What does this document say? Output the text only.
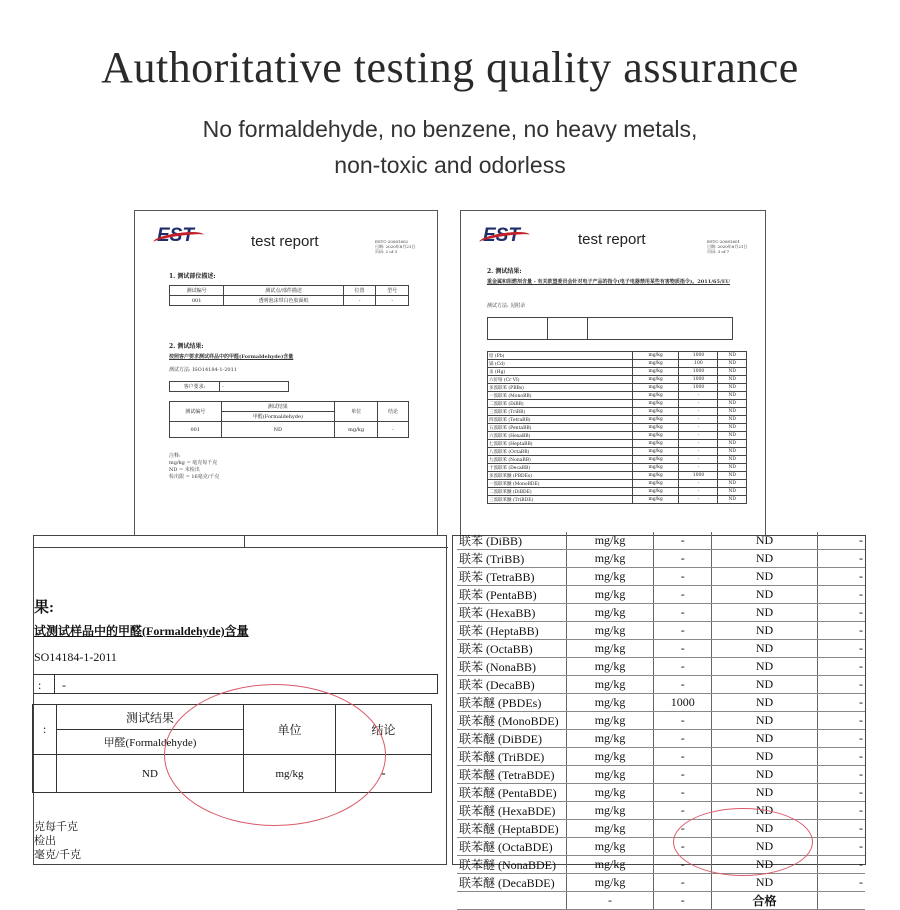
Authoritative testing quality assurance
No formaldehyde, no benzene, no heavy metals,
non-toxic and odorless
EST	test report	ESTC-20081602
日期: 2020年8月21日
页码: 2 of 3
1. 测试部位描述:
测试编号	测试点/部件描述	位置	型号
001	透明泡沫带白色胶面纸	-	-
2. 测试结果:
按照客户要求测试样品中的甲醛(Formaldehyde)含量
测试方法: ISO14184-1-2011
客户要求:	-
测试编号	测试结果	单位	结论
	甲醛(Formaldehyde)		
001	ND	mg/kg	-
注释:
mg/kg = 毫克每千克
ND = 未检出
检出限 = 16毫克/千克
EST	test report	ESTC-20081601
日期: 2020年8月21日
页码: 3 of 7
2. 测试结果:
重金属和阻燃剂含量 - 有关欧盟委员会针对电子产品的指令(电子电器禁用某些有害物质指令)。2011/65/EU
测试方法: 见附录

铅 (Pb)	mg/kg	1000	ND
镉 (Cd)	mg/kg	100	ND
汞 (Hg)	mg/kg	1000	ND
六价铬 (Cr VI)	mg/kg	1000	ND
多溴联苯 (PBBs)	mg/kg	1000	ND
一溴联苯 (MonoBB)	mg/kg	-	ND
二溴联苯 (DiBB)	mg/kg	-	ND
三溴联苯 (TriBB)	mg/kg	-	ND
四溴联苯 (TetraBB)	mg/kg	-	ND
五溴联苯 (PentaBB)	mg/kg	-	ND
六溴联苯 (HexaBB)	mg/kg	-	ND
七溴联苯 (HeptaBB)	mg/kg	-	ND
八溴联苯 (OctaBB)	mg/kg	-	ND
九溴联苯 (NonaBB)	mg/kg	-	ND
十溴联苯 (DecaBB)	mg/kg	-	ND
多溴联苯醚 (PBDEs)	mg/kg	1000	ND
一溴联苯醚 (MonoBDE)	mg/kg	-	ND
二溴联苯醚 (DiBDE)	mg/kg	-	ND
三溴联苯醚 (TriBDE)	mg/kg	-	ND
果:
试测试样品中的甲醛(Formaldehyde)含量
SO14184-1-2011
: -
:	测试结果	单位	结论
	甲醛(Formaldehyde)		
	ND	mg/kg	-
克每千克
检出
毫克/千克
联苯 (DiBB)	mg/kg	-	ND	-
联苯 (TriBB)	mg/kg	-	ND	-
联苯 (TetraBB)	mg/kg	-	ND	-
联苯 (PentaBB)	mg/kg	-	ND	-
联苯 (HexaBB)	mg/kg	-	ND	-
联苯 (HeptaBB)	mg/kg	-	ND	-
联苯 (OctaBB)	mg/kg	-	ND	-
联苯 (NonaBB)	mg/kg	-	ND	-
联苯 (DecaBB)	mg/kg	-	ND	-
联苯醚 (PBDEs)	mg/kg	1000	ND	-
联苯醚 (MonoBDE)	mg/kg	-	ND	-
联苯醚 (DiBDE)	mg/kg	-	ND	-
联苯醚 (TriBDE)	mg/kg	-	ND	-
联苯醚 (TetraBDE)	mg/kg	-	ND	-
联苯醚 (PentaBDE)	mg/kg	-	ND	-
联苯醚 (HexaBDE)	mg/kg	-	ND	-
联苯醚 (HeptaBDE)	mg/kg	-	ND	-
联苯醚 (OctaBDE)	mg/kg	-	ND	-
联苯醚 (NonaBDE)	mg/kg	-	ND	-
联苯醚 (DecaBDE)	mg/kg	-	ND	-
	-	-	合格	
